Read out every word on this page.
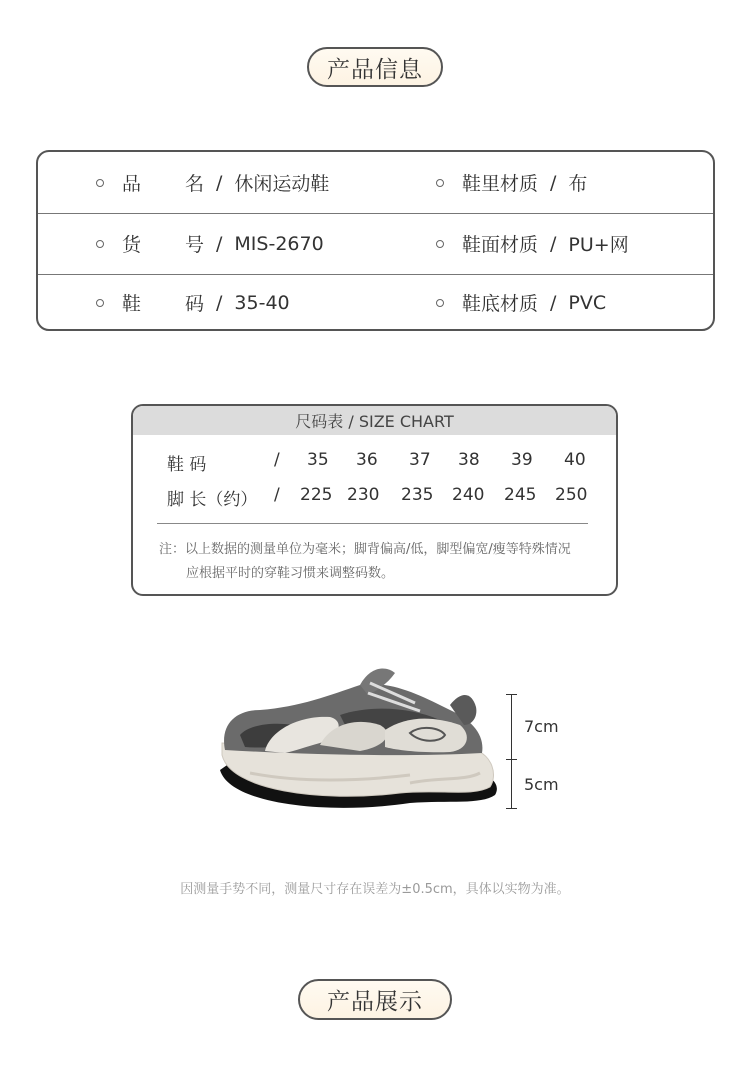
产品信息
品　　名 / 休闲运动鞋	鞋里材质 / 布
货　　号 / MIS-2670	鞋面材质 / PU+网
鞋　　码 / 35-40	鞋底材质 / PVC
尺码表 / SIZE CHART
鞋 码	/ 35 36 37 38 39 40
脚 长（约） / 225 230 235 240 245 250
注：以上数据的测量单位为毫米；脚背偏高/低，脚型偏宽/瘦等特殊情况
应根据平时的穿鞋习惯来调整码数。
7cm
5cm
因测量手势不同，测量尺寸存在误差为±0.5cm，具体以实物为准。
产品展示
